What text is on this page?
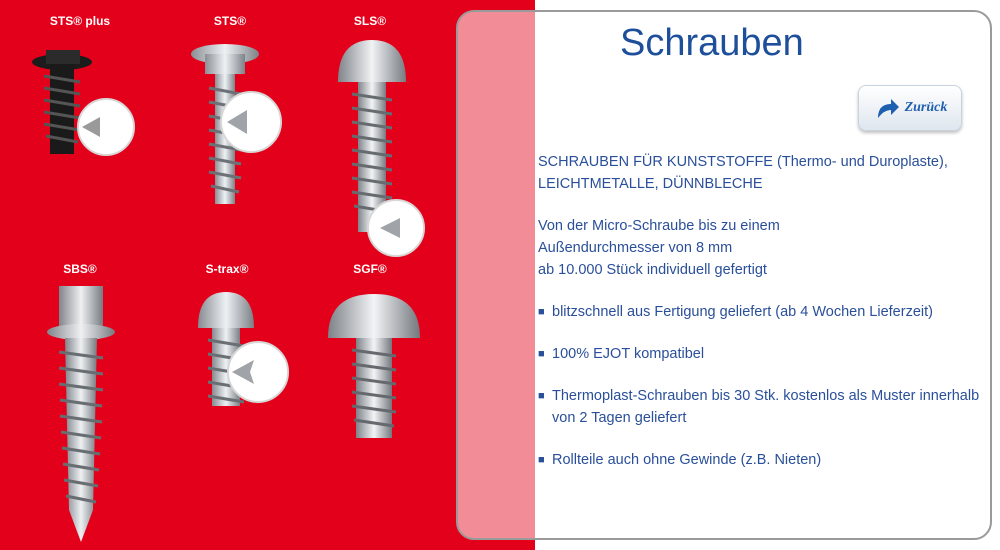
STS® plus	STS®	SLS®
SBS®	S-trax®	SGF®
Schrauben
Zurück

SCHRAUBEN FÜR KUNSTSTOFFE (Thermo- und Duroplaste),

LEICHTMETALLE, DÜNNBLECHE

Von der Micro-Schraube bis zu einem

Außendurchmesser von 8 mm

ab 10.000 Stück individuell gefertigt

■ blitzschnell aus Fertigung geliefert (ab 4 Wochen Lieferzeit)
■ 100% EJOT kompatibel
■ Thermoplast-Schrauben bis 30 Stk. kostenlos als Muster innerhalb von 2 Tagen geliefert
■ Rollteile auch ohne Gewinde (z.B. Nieten)
